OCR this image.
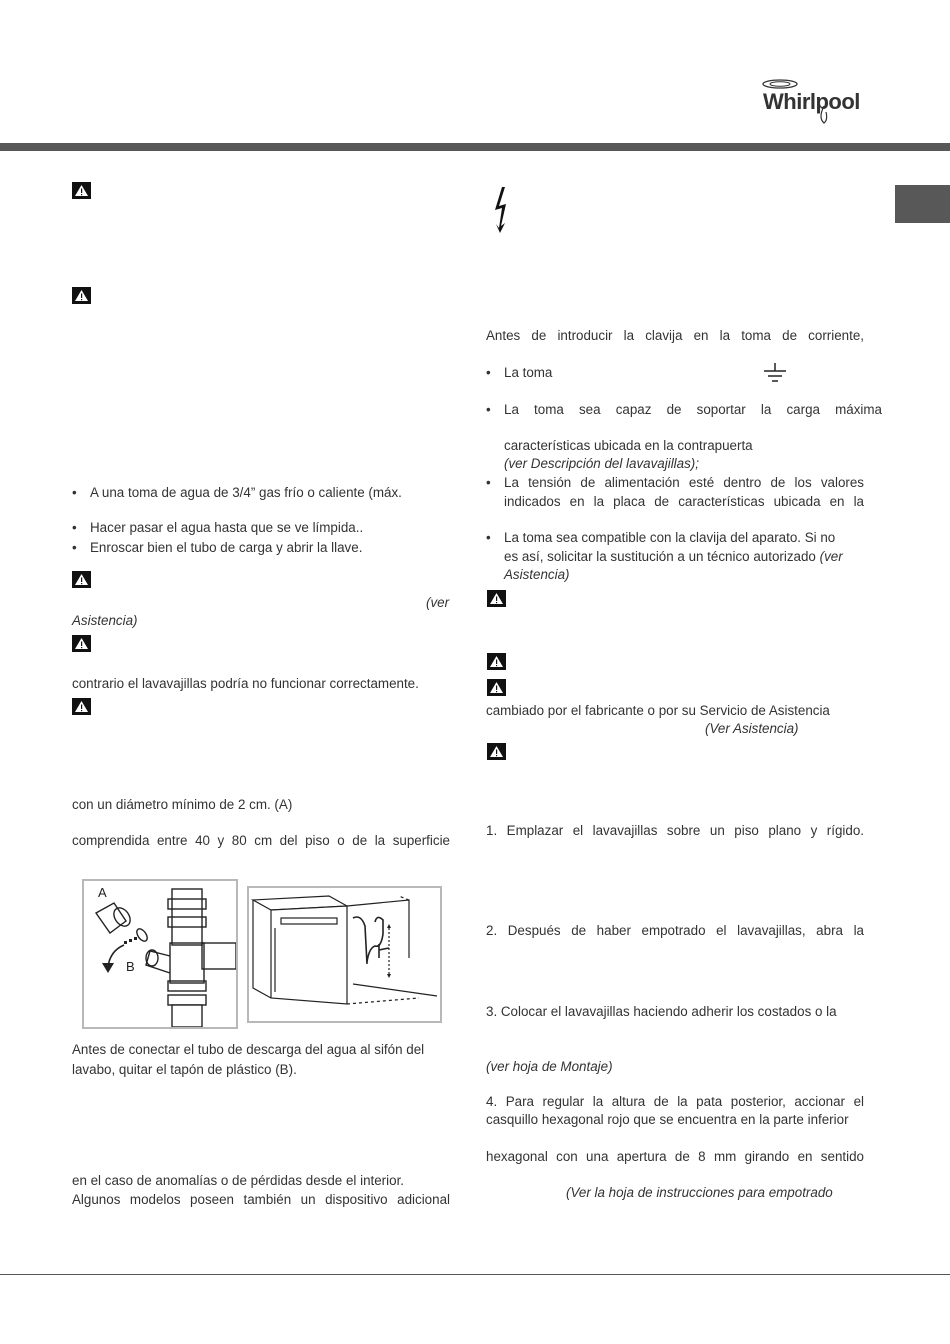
Whirlpool
• A una toma de agua de 3/4” gas frío o caliente (máx.
• Hacer pasar el agua hasta que se ve límpida..
• Enroscar bien el tubo de carga y abrir la llave.
(ver
Asistencia)
contrario el lavavajillas podría no funcionar correctamente.
con un diámetro mínimo de 2 cm. (A)
comprendida entre 40 y 80 cm del piso o de la superficie
A
B
Antes de conectar el tubo de descarga del agua al sifón del
lavabo, quitar el tapón de plástico (B).
en el caso de anomalías o de pérdidas desde el interior.
Algunos modelos poseen también un dispositivo adicional
Antes de introducir la clavija en la toma de corriente,
• La toma
• La toma sea capaz de soportar la carga máxima
características ubicada en la contrapuerta
(ver Descripción del lavavajillas);
• La tensión de alimentación esté dentro de los valores
indicados en la placa de características ubicada en la
• La toma sea compatible con la clavija del aparato. Si no
es así, solicitar la sustitución a un técnico autorizado (ver
Asistencia)
cambiado por el fabricante o por su Servicio de Asistencia
(Ver Asistencia)
1. Emplazar el lavavajillas sobre un piso plano y rígido.
2. Después de haber empotrado el lavavajillas, abra la
3. Colocar el lavavajillas haciendo adherir los costados o la
(ver hoja de Montaje)
4. Para regular la altura de la pata posterior, accionar el
casquillo hexagonal rojo que se encuentra en la parte inferior
hexagonal con una apertura de 8 mm girando en sentido
(Ver la hoja de instrucciones para empotrado
